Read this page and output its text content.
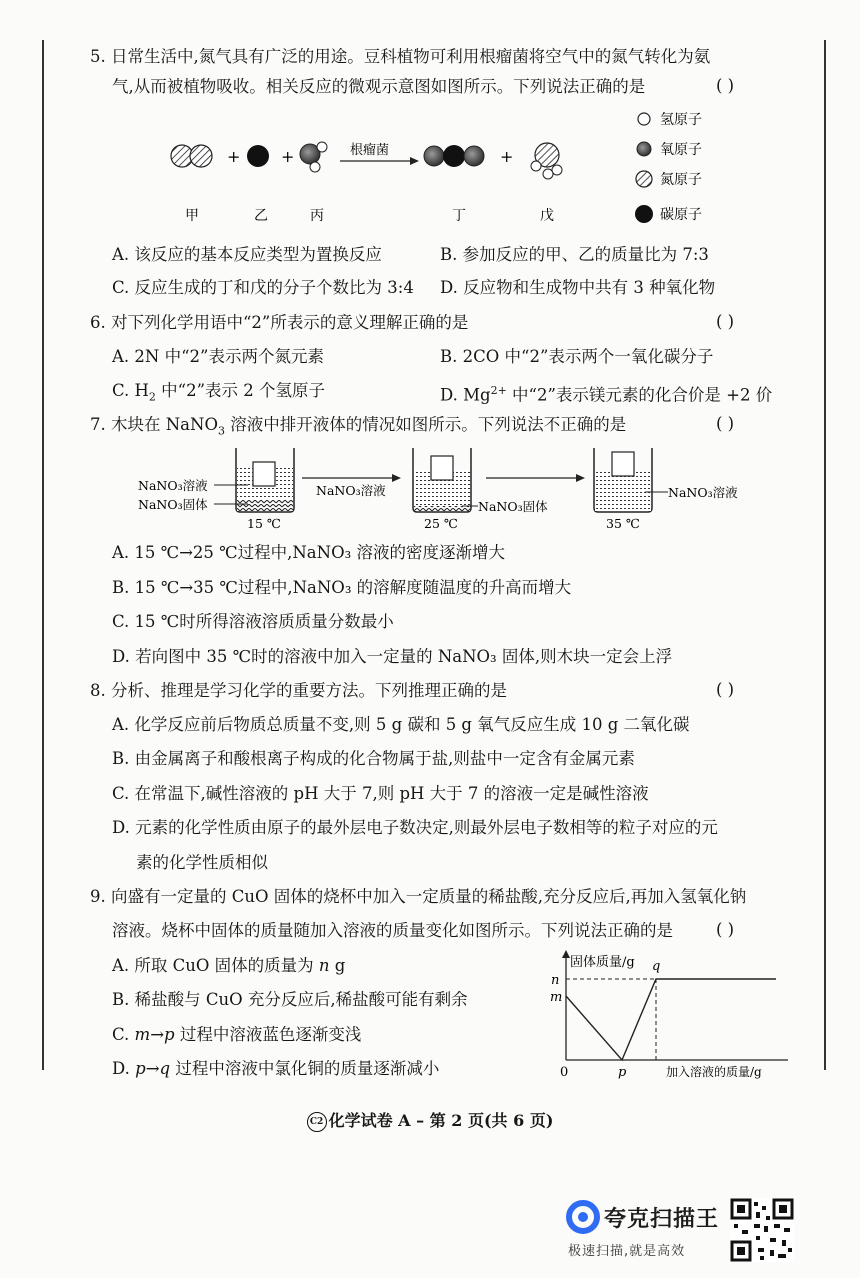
5. 日常生活中,氮气具有广泛的用途。豆科植物可利用根瘤菌将空气中的氮气转化为氨
气,从而被植物吸收。相关反应的微观示意图如图所示。下列说法正确的是	( )
+	+	根瘤菌	+
氢原子
氧原子
氮原子
碳原子
甲	乙	丙	丁	戊
A. 该反应的基本反应类型为置换反应	B. 参加反应的甲、乙的质量比为 7:3
C. 反应生成的丁和戊的分子个数比为 3:4 D. 反应物和生成物中共有 3 种氧化物
6. 对下列化学用语中“2”所表示的意义理解正确的是	( )
A. 2N 中“2”表示两个氮元素	B. 2CO 中“2”表示两个一氧化碳分子
C. $H_2$ 中“2”表示 2 个氢原子	D. $Mg^{2+}$ 中“2”表示镁元素的化合价是 +2 价
7. 木块在 NaNO$_3$ 溶液中排开液体的情况如图所示。下列说法不正确的是	( )
NaNO₃溶液
NaNO₃固体
15 ℃
NaNO₃溶液
NaNO₃固体
25 ℃
NaNO₃溶液
35 ℃
A. 15 ℃→25 ℃过程中,NaNO₃ 溶液的密度逐渐增大
B. 15 ℃→35 ℃过程中,NaNO₃ 的溶解度随温度的升高而增大
C. 15 ℃时所得溶液溶质质量分数最小
D. 若向图中 35 ℃时的溶液中加入一定量的 NaNO₃ 固体,则木块一定会上浮
8. 分析、推理是学习化学的重要方法。下列推理正确的是	( )
A. 化学反应前后物质总质量不变,则 5 g 碳和 5 g 氧气反应生成 10 g 二氧化碳
B. 由金属离子和酸根离子构成的化合物属于盐,则盐中一定含有金属元素
C. 在常温下,碱性溶液的 pH 大于 7,则 pH 大于 7 的溶液一定是碱性溶液
D. 元素的化学性质由原子的最外层电子数决定,则最外层电子数相等的粒子对应的元
素的化学性质相似
9. 向盛有一定量的 CuO 固体的烧杯中加入一定质量的稀盐酸,充分反应后,再加入氢氧化钠
溶液。烧杯中固体的质量随加入溶液的质量变化如图所示。下列说法正确的是	( )
A. 所取 CuO 固体的质量为 n g
B. 稀盐酸与 CuO 充分反应后,稀盐酸可能有剩余
C. m→p 过程中溶液蓝色逐渐变浅
D. p→q 过程中溶液中氯化铜的质量逐渐减小
固体质量/g
n
m
q
p
0	加入溶液的质量/g
C2 化学试卷 A – 第 2 页(共 6 页)
夸克扫描王
极速扫描,就是高效
